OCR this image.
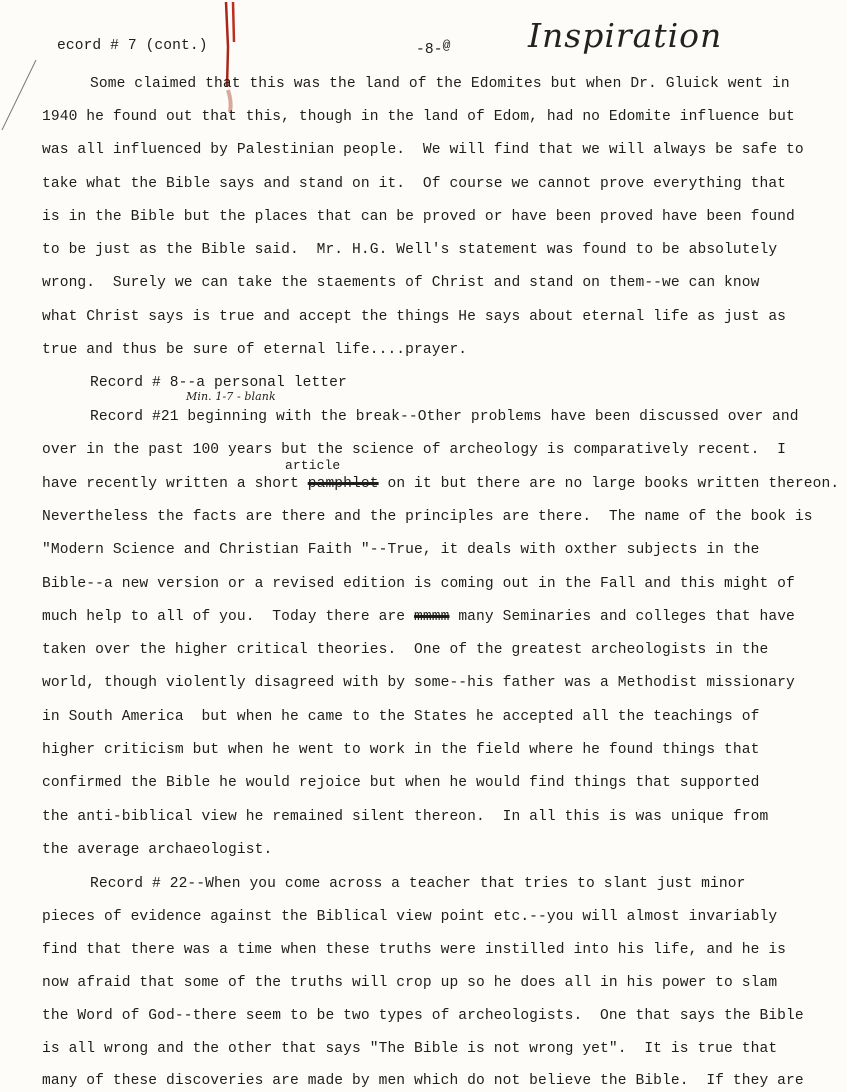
ecord # 7 (cont.)	-8-@ Inspiration
Some claimed that this was the land of the Edomites but when Dr. Gluick went in
1940 he found out that this, though in the land of Edom, had no Edomite influence but
was all influenced by Palestinian people.  We will find that we will always be safe to
take what the Bible says and stand on it.  Of course we cannot prove everything that
is in the Bible but the places that can be proved or have been proved have been found
to be just as the Bible said.  Mr. H.G. Well's statement was found to be absolutely
wrong.  Surely we can take the staements of Christ and stand on them--we can know
what Christ says is true and accept the things He says about eternal life as just as
true and thus be sure of eternal life....prayer.
Record # 8--a personal letter
Min. 1-7 - blank
Record #21 beginning with the break--Other problems have been discussed over and
over in the past 100 years but the science of archeology is comparatively recent.  I
article
have recently written a short pamphlet on it but there are no large books written thereon.
Nevertheless the facts are there and the principles are there.  The name of the book is
"Modern Science and Christian Faith "--True, it deals with oxther subjects in the
Bible--a new version or a revised edition is coming out in the Fall and this might of
much help to all of you.  Today there are mmmm many Seminaries and colleges that have
taken over the higher critical theories.  One of the greatest archeologists in the
world, though violently disagreed with by some--his father was a Methodist missionary
in South America  but when he came to the States he accepted all the teachings of
higher criticism but when he went to work in the field where he found things that
confirmed the Bible he would rejoice but when he would find things that supported
the anti-biblical view he remained silent thereon.  In all this is was unique from
the average archaeologist.
Record # 22--When you come across a teacher that tries to slant just minor
pieces of evidence against the Biblical view point etc.--you will almost invariably
find that there was a time when these truths were instilled into his life, and he is
now afraid that some of the truths will crop up so he does all in his power to slam
the Word of God--there seem to be two types of archeologists.  One that says the Bible
is all wrong and the other that says "The Bible is not wrong yet".  It is true that
many of these discoveries are made by men which do not believe the Bible.  If they are
